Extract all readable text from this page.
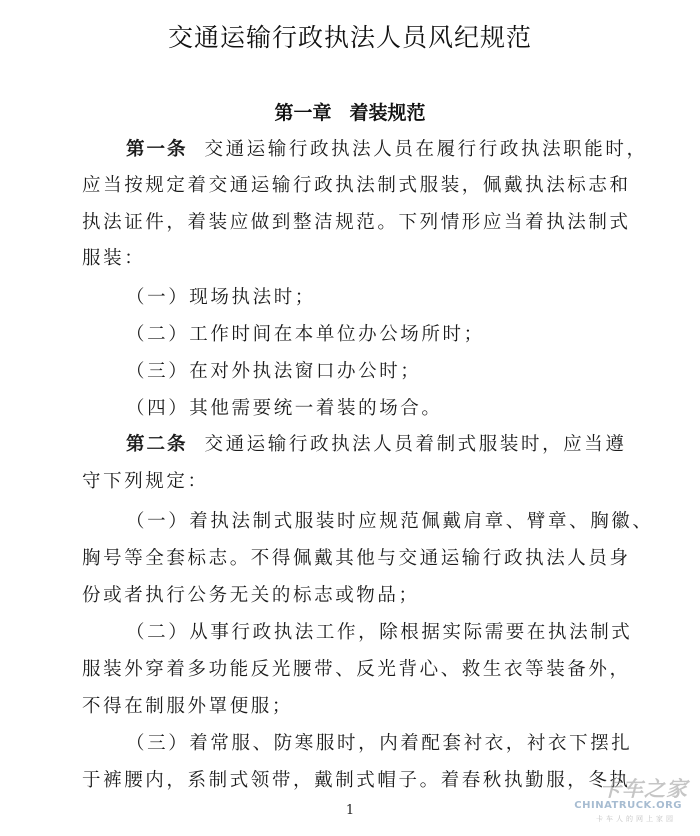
交通运输行政执法人员风纪规范
第一章 着装规范
第一条 交通运输行政执法人员在履行行政执法职能时，
应当按规定着交通运输行政执法制式服装，佩戴执法标志和
执法证件，着装应做到整洁规范。下列情形应当着执法制式
服装：
（一）现场执法时；
（二）工作时间在本单位办公场所时；
（三）在对外执法窗口办公时；
（四）其他需要统一着装的场合。
第二条 交通运输行政执法人员着制式服装时，应当遵
守下列规定：
（一）着执法制式服装时应规范佩戴肩章、臂章、胸徽、
胸号等全套标志。不得佩戴其他与交通运输行政执法人员身
份或者执行公务无关的标志或物品；
（二）从事行政执法工作，除根据实际需要在执法制式
服装外穿着多功能反光腰带、反光背心、救生衣等装备外，
不得在制服外罩便服；
（三）着常服、防寒服时，内着配套衬衣，衬衣下摆扎
于裤腰内，系制式领带，戴制式帽子。着春秋执勤服，冬执
1
卡车之家
CHINATRUCK.ORG
卡车人的网上家园
